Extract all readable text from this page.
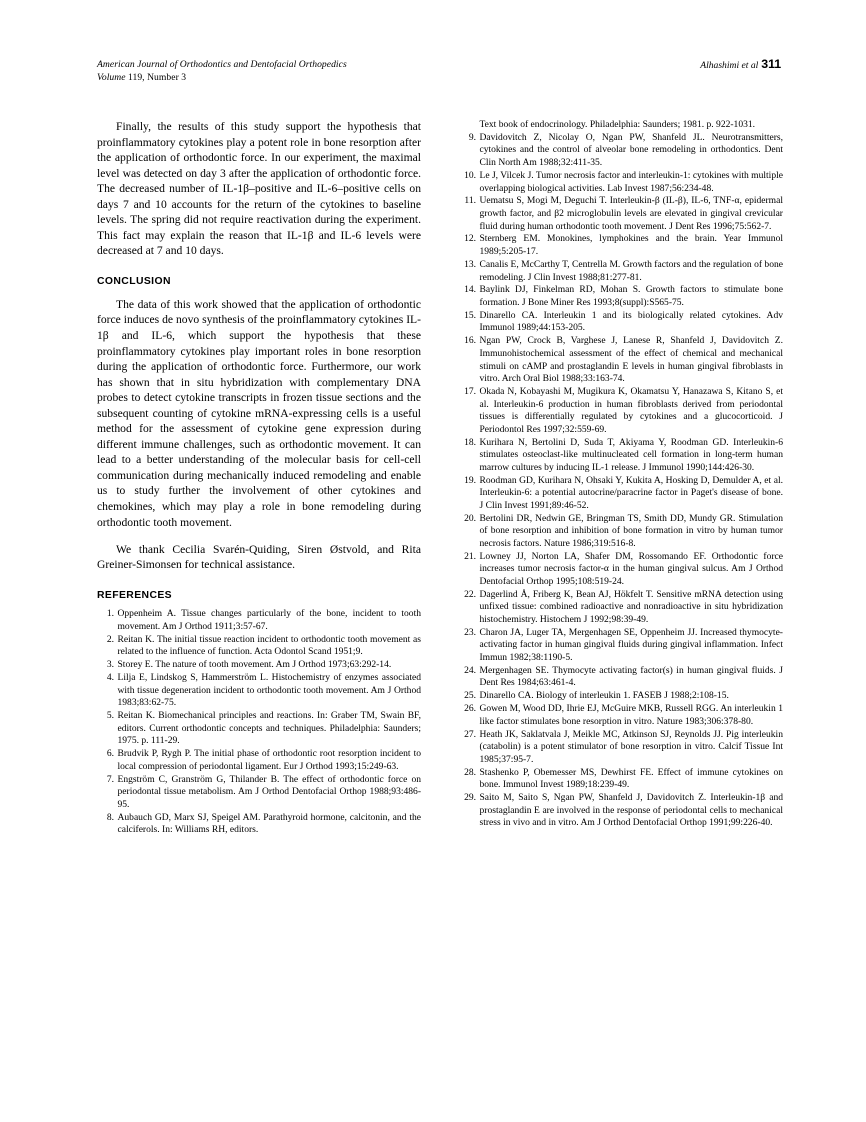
Alhashimi et al 311
American Journal of Orthodontics and Dentofacial Orthopedics
Volume 119, Number 3

Finally, the results of this study support the hypothesis that proinflammatory cytokines play a potent role in bone resorption after the application of orthodontic force. In our experiment, the maximal level was detected on day 3 after the application of orthodontic force. The decreased number of IL-1β–positive and IL-6–positive cells on days 7 and 10 accounts for the return of the cytokines to baseline levels. The spring did not require reactivation during the experiment. This fact may explain the reason that IL-1β and IL-6 levels were decreased at 7 and 10 days.

CONCLUSION

The data of this work showed that the application of orthodontic force induces de novo synthesis of the proinflammatory cytokines IL-1β and IL-6, which support the hypothesis that these proinflammatory cytokines play important roles in bone resorption during the application of orthodontic force. Furthermore, our work has shown that in situ hybridization with complementary DNA probes to detect cytokine transcripts in frozen tissue sections and the subsequent counting of cytokine mRNA-expressing cells is a useful method for the assessment of cytokine gene expression during different immune challenges, such as orthodontic movement. It can lead to a better understanding of the molecular basis for cell-cell communication during mechanically induced remodeling and enable us to study further the involvement of other cytokines and chemokines, which may play a role in bone remodeling during orthodontic tooth movement.

We thank Cecilia Svarén-Quiding, Siren Østvold, and Rita Greiner-Simonsen for technical assistance.

REFERENCES
1 . Oppenheim A. Tissue changes particularly of the bone, incident to tooth movement. Am J Orthod 1911;3:57-67.
2 . Reitan K. The initial tissue reaction incident to orthodontic tooth movement as related to the influence of function. Acta Odontol Scand 1951;9.
3 . Storey E. The nature of tooth movement. Am J Orthod 1973;63:292-14.
4 . Lilja E, Lindskog S, Hammerström L. Histochemistry of enzymes associated with tissue degeneration incident to orthodontic tooth movement. Am J Orthod 1983;83:62-75.
5 . Reitan K. Biomechanical principles and reactions. In: Graber TM, Swain BF, editors. Current orthodontic concepts and techniques. Philadelphia: Saunders; 1975. p. 111-29.
6 . Brudvik P, Rygh P. The initial phase of orthodontic root resorption incident to local compression of periodontal ligament. Eur J Orthod 1993;15:249-63.
7 . Engström C, Granström G, Thilander B. The effect of orthodontic force on periodontal tissue metabolism. Am J Orthod Dentofacial Orthop 1988;93:486-95.
8 . Aubauch GD, Marx SJ, Speigel AM. Parathyroid hormone, calcitonin, and the calciferols. In: Williams RH, editors.

Text book of endocrinology. Philadelphia: Saunders; 1981. p. 922-1031.

9 . Davidovitch Z, Nicolay O, Ngan PW, Shanfeld JL. Neurotransmitters, cytokines and the control of alveolar bone remodeling in orthodontics. Dent Clin North Am 1988;32:411-35.
10 . Le J, Vilcek J. Tumor necrosis factor and interleukin-1: cytokines with multiple overlapping biological activities. Lab Invest 1987;56:234-48.
11 . Uematsu S, Mogi M, Deguchi T. Interleukin-β (IL-β), IL-6, TNF-α, epidermal growth factor, and β2 microglobulin levels are elevated in gingival crevicular fluid during human orthodontic tooth movement. J Dent Res 1996;75:562-7.
12 . Sternberg EM. Monokines, lymphokines and the brain. Year Immunol 1989;5:205-17.
13 . Canalis E, McCarthy T, Centrella M. Growth factors and the regulation of bone remodeling. J Clin Invest 1988;81:277-81.
14 . Baylink DJ, Finkelman RD, Mohan S. Growth factors to stimulate bone formation. J Bone Miner Res 1993;8(suppl):S565-75.
15 . Dinarello CA. Interleukin 1 and its biologically related cytokines. Adv Immunol 1989;44:153-205.
16 . Ngan PW, Crock B, Varghese J, Lanese R, Shanfeld J, Davidovitch Z. Immunohistochemical assessment of the effect of chemical and mechanical stimuli on cAMP and prostaglandin E levels in human gingival fibroblasts in vitro. Arch Oral Biol 1988;33:163-74.
17 . Okada N, Kobayashi M, Mugikura K, Okamatsu Y, Hanazawa S, Kitano S, et al. Interleukin-6 production in human fibroblasts derived from periodontal tissues is differentially regulated by cytokines and a glucocorticoid. J Periodontol Res 1997;32:559-69.
18 . Kurihara N, Bertolini D, Suda T, Akiyama Y, Roodman GD. Interleukin-6 stimulates osteoclast-like multinucleated cell formation in long-term human marrow cultures by inducing IL-1 release. J Immunol 1990;144:426-30.
19 . Roodman GD, Kurihara N, Ohsaki Y, Kukita A, Hosking D, Demulder A, et al. Interleukin-6: a potential autocrine/paracrine factor in Paget's disease of bone. J Clin Invest 1991;89:46-52.
20 . Bertolini DR, Nedwin GE, Bringman TS, Smith DD, Mundy GR. Stimulation of bone resorption and inhibition of bone formation in vitro by human tumor necrosis factors. Nature 1986;319:516-8.
21 . Lowney JJ, Norton LA, Shafer DM, Rossomando EF. Orthodontic force increases tumor necrosis factor-α in the human gingival sulcus. Am J Orthod Dentofacial Orthop 1995;108:519-24.
22 . Dagerlind Å, Friberg K, Bean AJ, Hökfelt T. Sensitive mRNA detection using unfixed tissue: combined radioactive and nonradioactive in situ hybridization histochemistry. Histochem J 1992;98:39-49.
23 . Charon JA, Luger TA, Mergenhagen SE, Oppenheim JJ. Increased thymocyte-activating factor in human gingival fluids during gingival inflammation. Infect Immun 1982;38:1190-5.
24 . Mergenhagen SE. Thymocyte activating factor(s) in human gingival fluids. J Dent Res 1984;63:461-4.
25 . Dinarello CA. Biology of interleukin 1. FASEB J 1988;2:108-15.
26 . Gowen M, Wood DD, Ihrie EJ, McGuire MKB, Russell RGG. An interleukin 1 like factor stimulates bone resorption in vitro. Nature 1983;306:378-80.
27 . Heath JK, Saklatvala J, Meikle MC, Atkinson SJ, Reynolds JJ. Pig interleukin (catabolin) is a potent stimulator of bone resorption in vitro. Calcif Tissue Int 1985;37:95-7.
28 . Stashenko P, Obemesser MS, Dewhirst FE. Effect of immune cytokines on bone. Immunol Invest 1989;18:239-49.
29 . Saito M, Saito S, Ngan PW, Shanfeld J, Davidovitch Z. Interleukin-1β and prostaglandin E are involved in the response of periodontal cells to mechanical stress in vivo and in vitro. Am J Orthod Dentofacial Orthop 1991;99:226-40.
